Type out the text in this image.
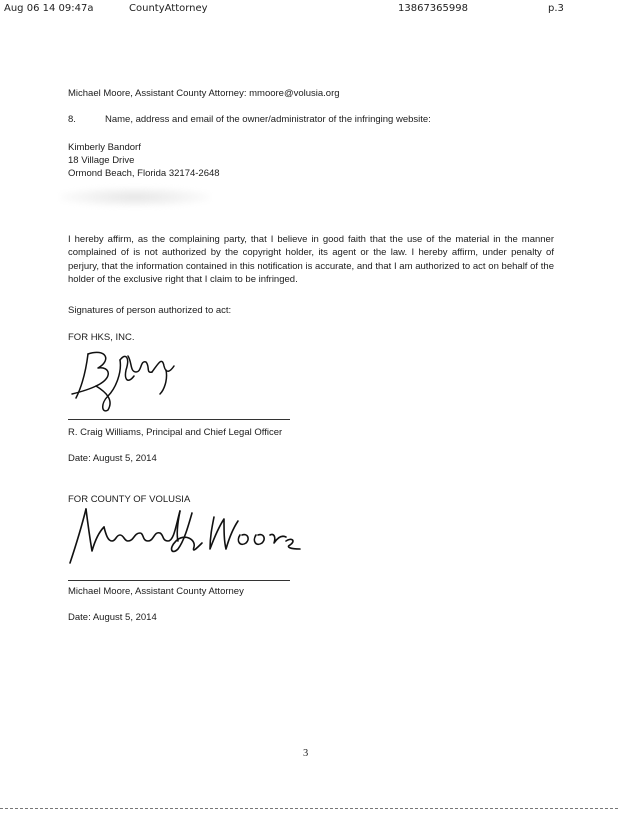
Aug 06 14 09:47a	CountyAttorney	13867365998	p.3
Michael Moore, Assistant County Attorney: mmoore@volusia.org
8.	Name, address and email of the owner/administrator of the infringing website:
Kimberly Bandorf
18 Village Drive
Ormond Beach, Florida 32174-2648
I hereby affirm, as the complaining party, that I believe in good faith that the use of the material in the manner complained of is not authorized by the copyright holder, its agent or the law. I hereby affirm, under penalty of perjury, that the information contained in this notification is accurate, and that I am authorized to act on behalf of the holder of the exclusive right that I claim to be infringed.
Signatures of person authorized to act:
FOR HKS, INC.
R. Craig Williams, Principal and Chief Legal Officer
Date: August 5, 2014
FOR COUNTY OF VOLUSIA
Michael Moore, Assistant County Attorney
Date: August 5, 2014
3
